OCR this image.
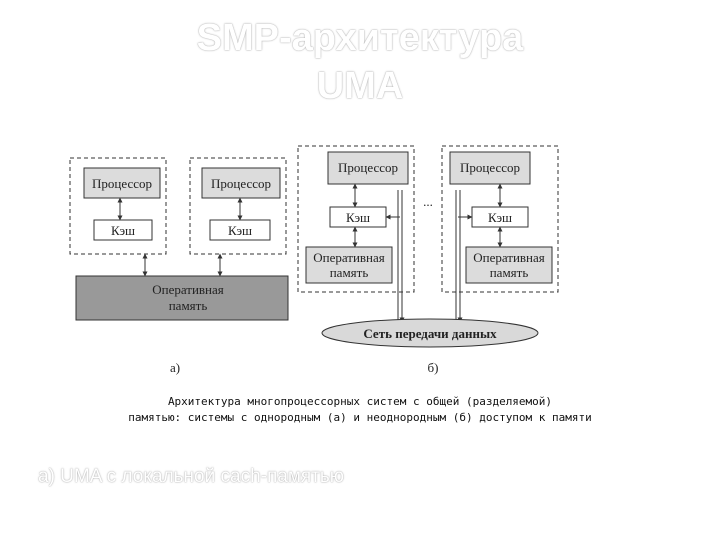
SMP-архитектура
UMA
Процессор
Кэш
Процессор
Кэш
Оперативная
память
Процессор
Кэш
Оперативная
память
...
Процессор
Кэш
Оперативная
память
Сеть передачи данных
а)	б)
Архитектура многопроцессорных систем с общей (разделяемой)
памятью: системы с однородным (а) и неоднородным (б) доступом к памяти
а) UMA с локальной cach-памятью
